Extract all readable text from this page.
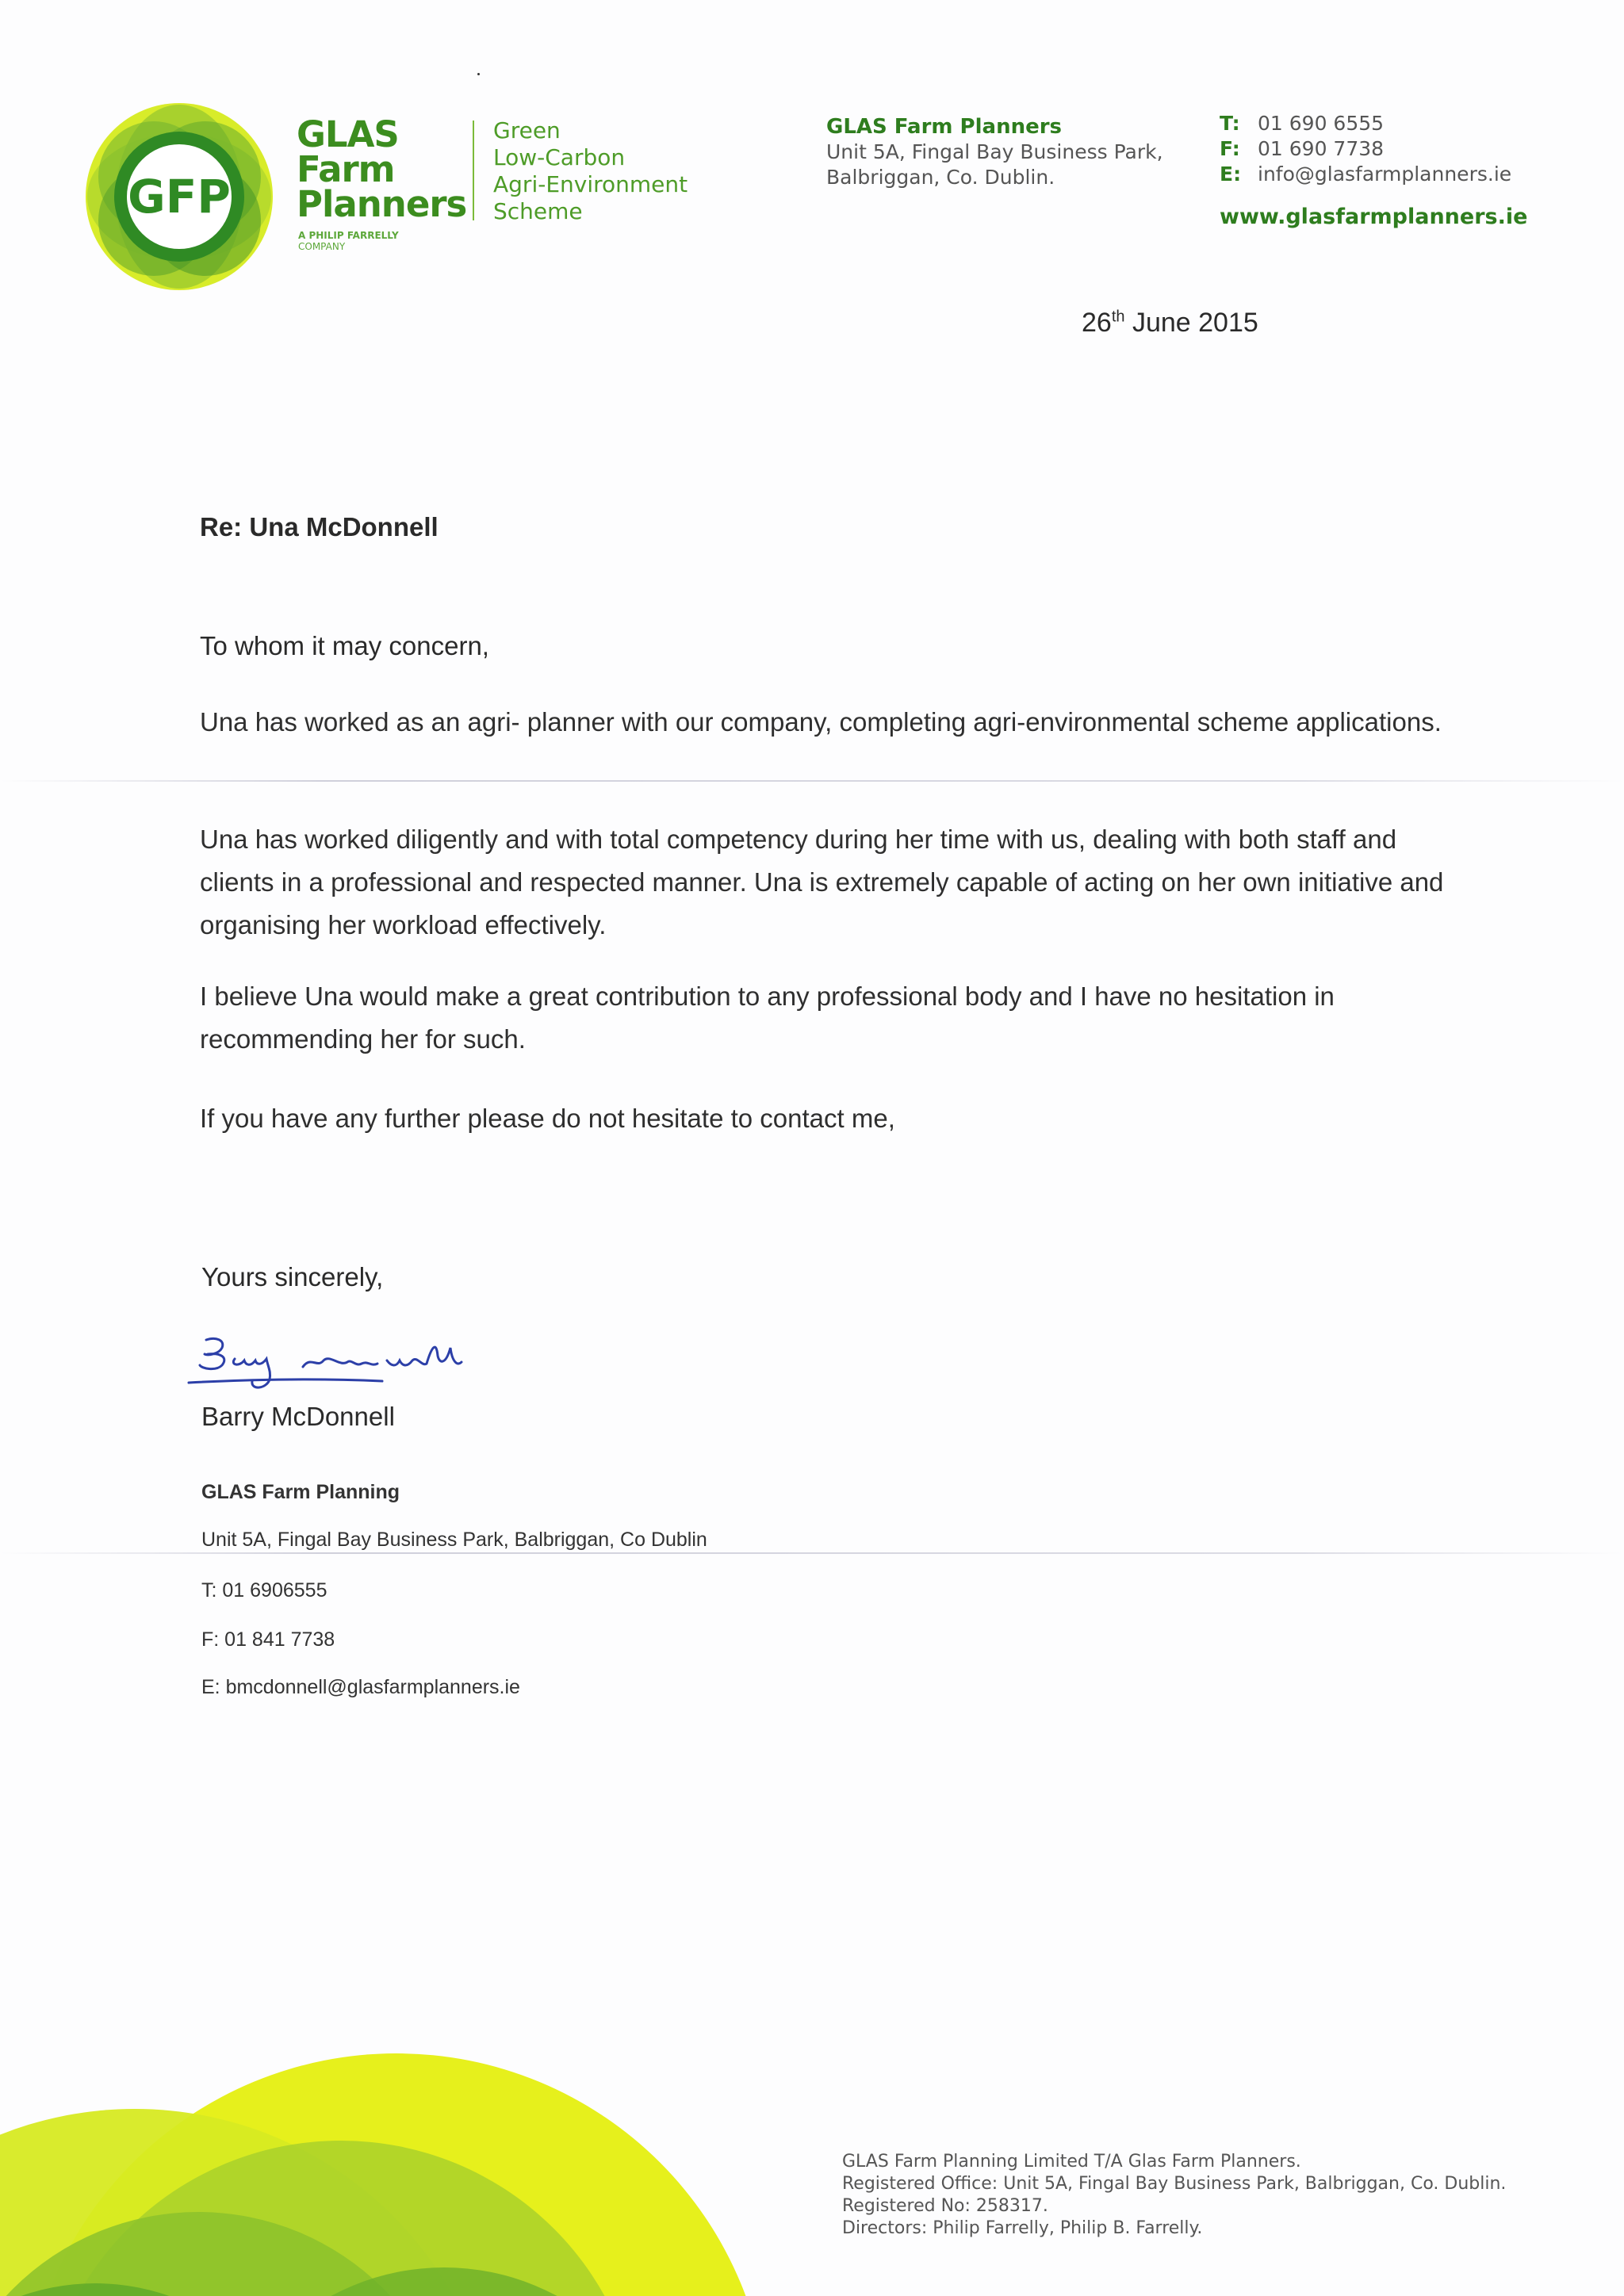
GFP
GLAS
Farm
Planners
A PHILIP FARRELLY
COMPANY
Green
Low-Carbon
Agri-Environment
Scheme
GLAS Farm Planners
Unit 5A, Fingal Bay Business Park,
Balbriggan, Co. Dublin.
T: 01 690 6555
F: 01 690 7738
E: info@glasfarmplanners.ie
www.glasfarmplanners.ie
26th June 2015
Re: Una McDonnell
To whom it may concern,
Una has worked as an agri- planner with our company, completing agri-environmental scheme applications.
Una has worked diligently and with total competency during her time with us, dealing with both staff and clients in a professional and respected manner. Una is extremely capable of acting on her own initiative and organising her workload effectively.
I believe Una would make a great contribution to any professional body and I have no hesitation in recommending her for such.
If you have any further please do not hesitate to contact me,
Yours sincerely,
Barry McDonnell
GLAS Farm Planning
Unit 5A, Fingal Bay Business Park, Balbriggan, Co Dublin
T: 01 6906555
F: 01 841 7738
E: bmcdonnell@glasfarmplanners.ie
GLAS Farm Planning Limited T/A Glas Farm Planners.
Registered Office: Unit 5A, Fingal Bay Business Park, Balbriggan, Co. Dublin.
Registered No: 258317.
Directors: Philip Farrelly, Philip B. Farrelly.
